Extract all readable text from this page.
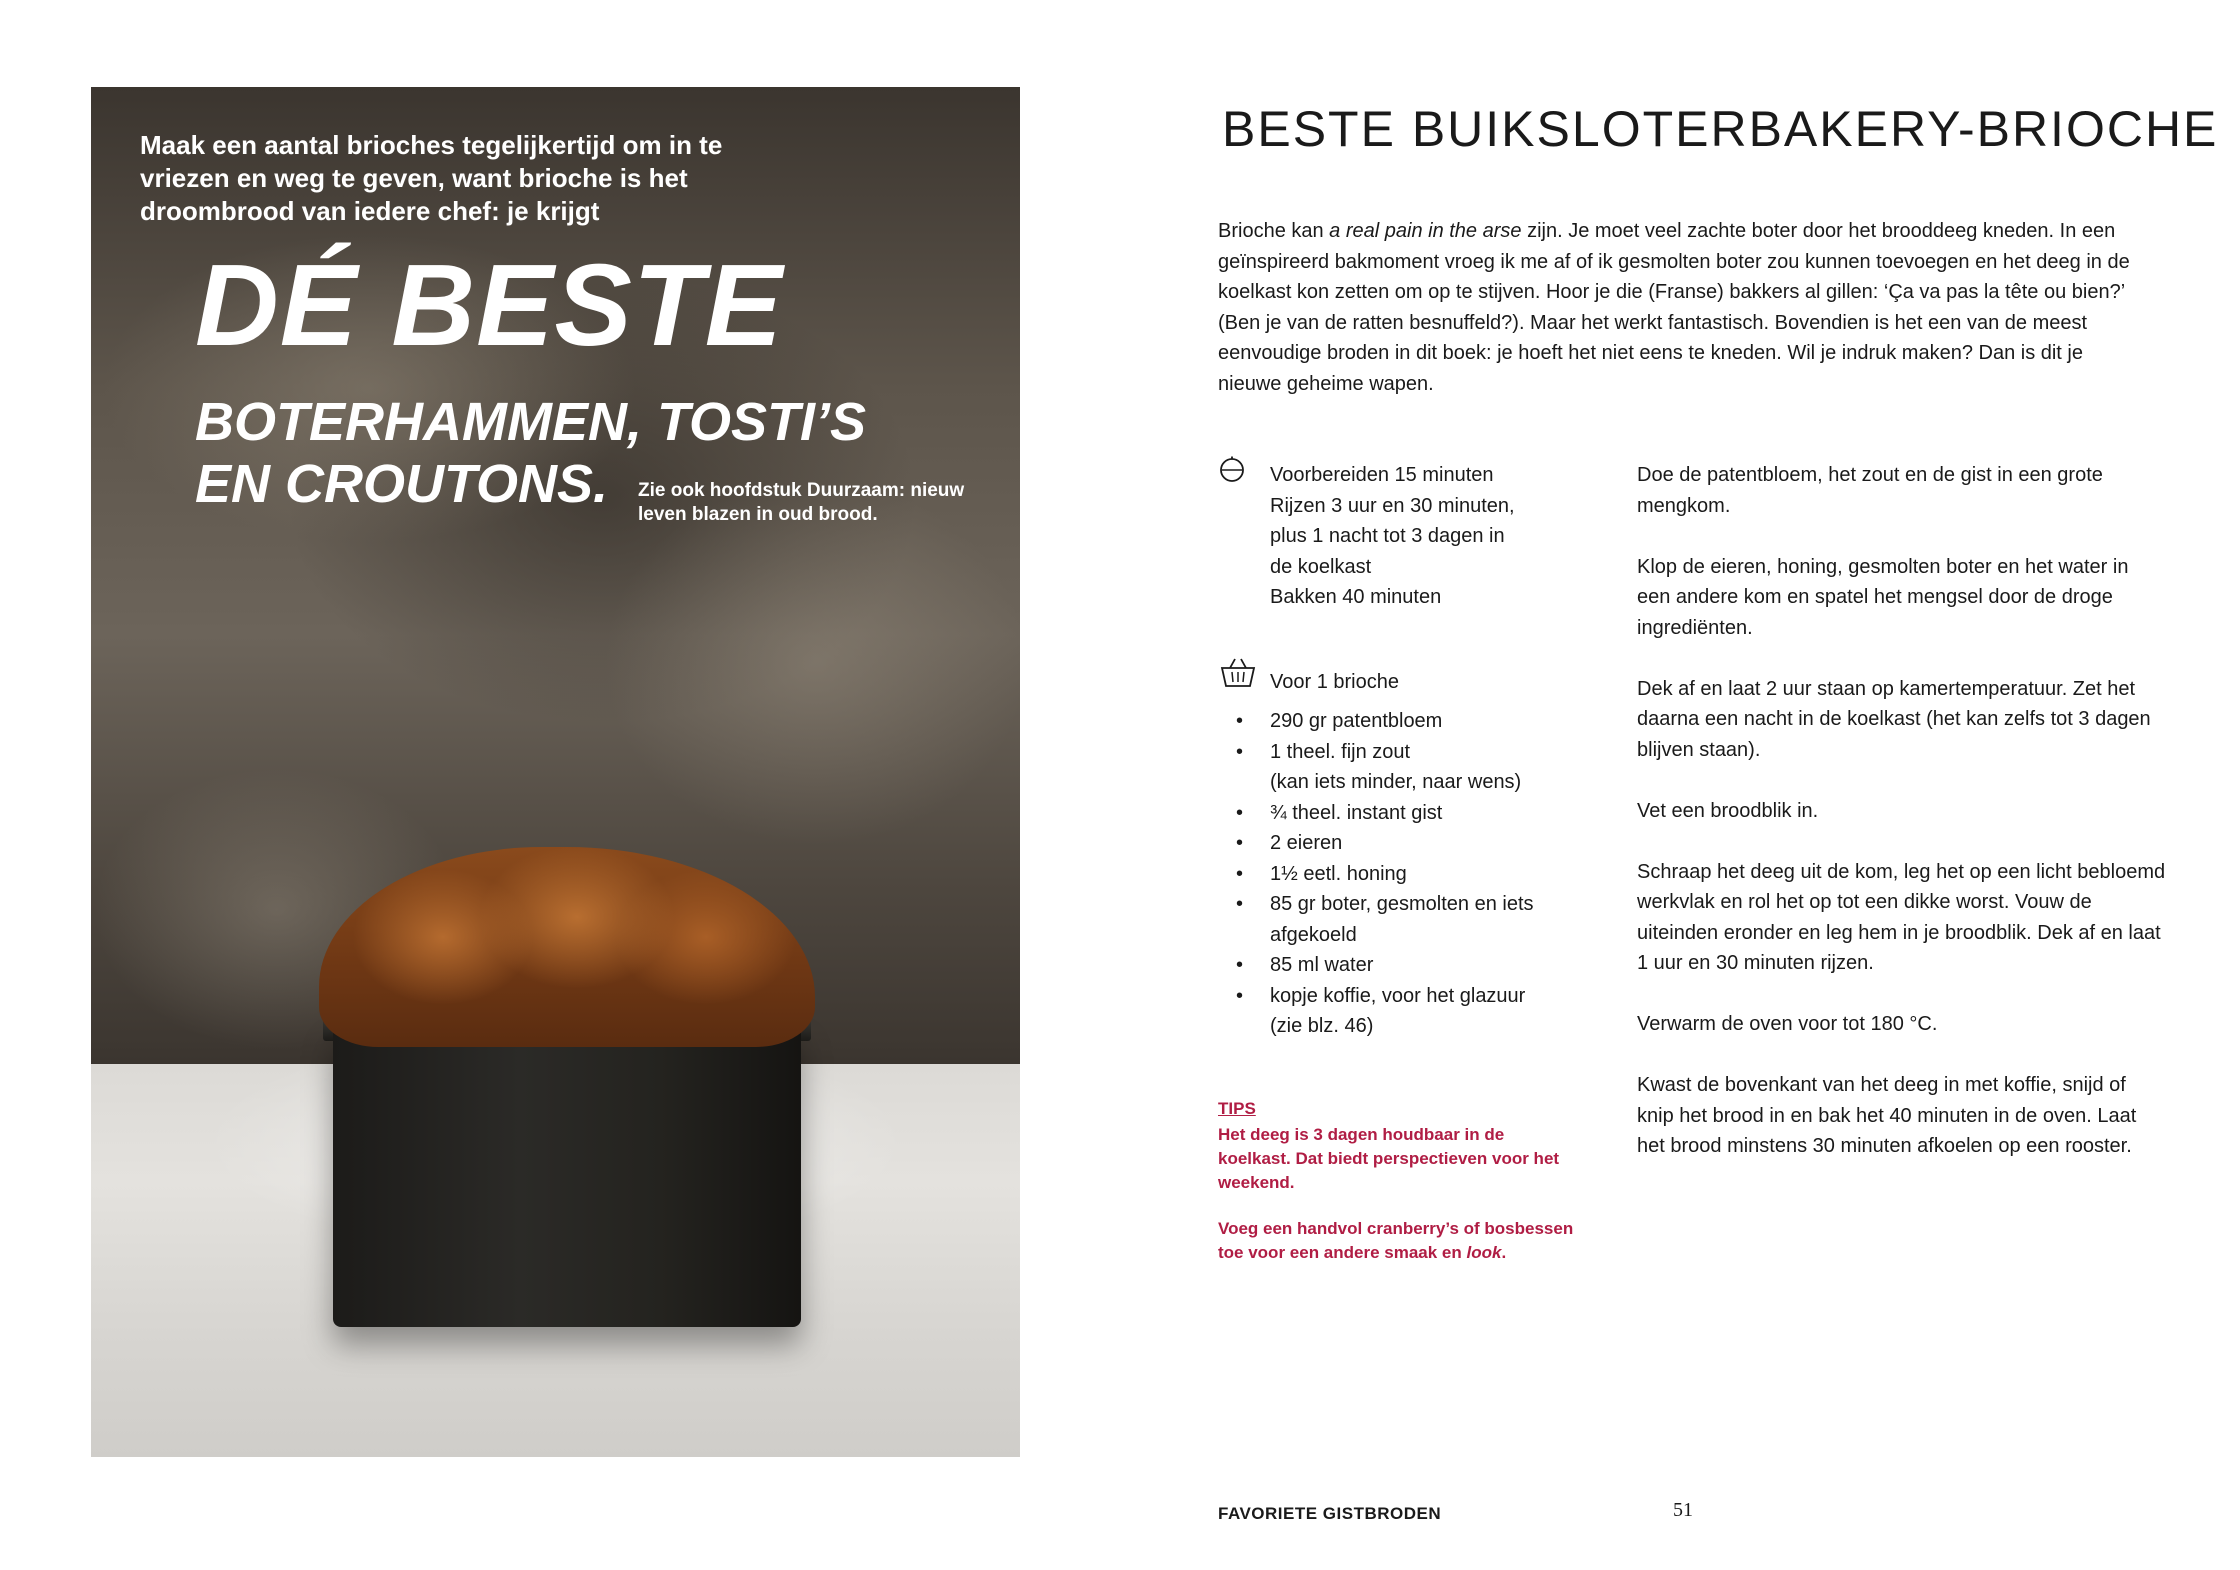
Maak een aantal brioches tegelijkertijd om in te vriezen en weg te geven, want brioche is het droombrood van iedere chef: je krijgt

DÉ BESTE

BOTERHAMMEN, TOSTI’S
EN CROUTONS.	Zie ook hoofdstuk Duurzaam: nieuw leven blazen in oud brood.

BESTE BUIKSLOTERBAKERY-BRIOCHE

Brioche kan a real pain in the arse zijn. Je moet veel zachte boter door het brooddeeg kneden. In een geïnspireerd bakmoment vroeg ik me af of ik gesmolten boter zou kunnen toevoegen en het deeg in de koelkast kon zetten om op te stijven. Hoor je die (Franse) bakkers al gillen: ‘Ça va pas la tête ou bien?’ (Ben je van de ratten besnuffeld?). Maar het werkt fantastisch. Bovendien is het een van de meest eenvoudige broden in dit boek: je hoeft het niet eens te kneden. Wil je indruk maken? Dan is dit je nieuwe geheime wapen.

Voorbereiden 15 minuten
Rijzen 3 uur en 30 minuten,
plus 1 nacht tot 3 dagen in
de koelkast
Bakken 40 minuten
Voor 1 brioche
• 290 gr patentbloem
• 1 theel. fijn zout
(kan iets minder, naar wens)
• ¾ theel. instant gist
• 2 eieren
• 1½ eetl. honing
• 85 gr boter, gesmolten en iets
afgekoeld
• 85 ml water
• kopje koffie, voor het glazuur
(zie blz. 46)
TIPS

Het deeg is 3 dagen houdbaar in de koelkast. Dat biedt perspectieven voor het weekend.

Voeg een handvol cranberry’s of bosbessen toe voor een andere smaak en look.

Doe de patentbloem, het zout en de gist in een grote mengkom.

Klop de eieren, honing, gesmolten boter en het water in een andere kom en spatel het mengsel door de droge ingrediënten.

Dek af en laat 2 uur staan op kamertemperatuur. Zet het daarna een nacht in de koelkast (het kan zelfs tot 3 dagen blijven staan).

Vet een broodblik in.

Schraap het deeg uit de kom, leg het op een licht bebloemd werkvlak en rol het op tot een dikke worst. Vouw de uiteinden eronder en leg hem in je broodblik. Dek af en laat 1 uur en 30 minuten rijzen.

Verwarm de oven voor tot 180 °C.

Kwast de bovenkant van het deeg in met koffie, snijd of knip het brood in en bak het 40 minuten in de oven. Laat het brood minstens 30 minuten afkoelen op een rooster.

FAVORIETE GISTBRODEN	51
